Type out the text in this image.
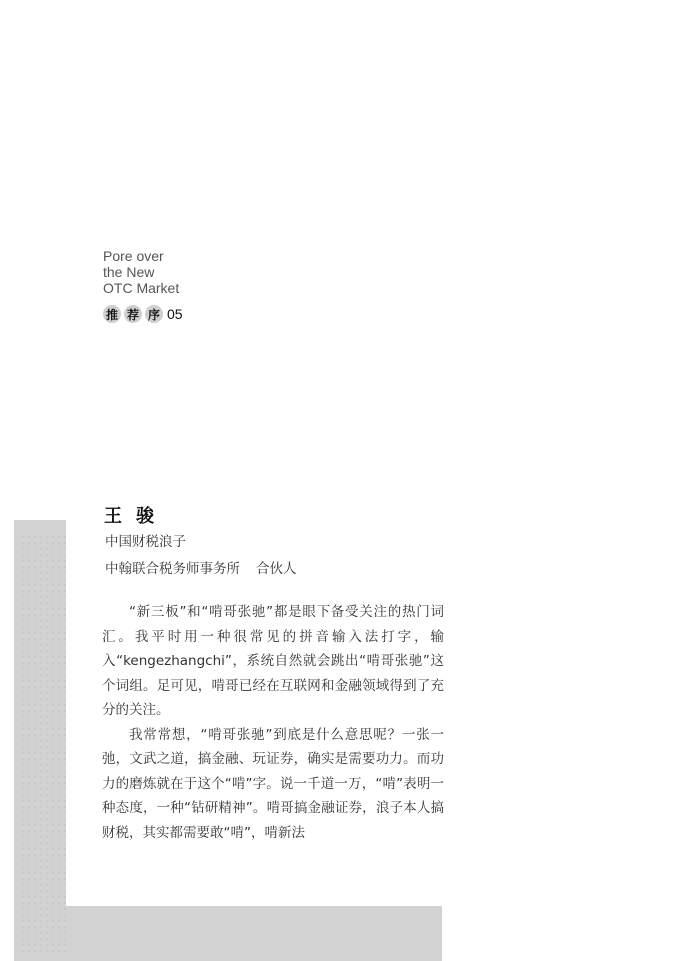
Pore over
the New
OTC Market
推 荐 序 05
王骏
中国财税浪子
中翰联合税务师事务所 合伙人

“新三板”和“啃哥张驰”都是眼下备受关注的热门词汇。我平时用一种很常见的拼音输入法打字，输入“kengezhangchi”，系统自然就会跳出“啃哥张驰”这个词组。足可见，啃哥已经在互联网和金融领域得到了充分的关注。

我常常想，“啃哥张驰”到底是什么意思呢？一张一弛，文武之道，搞金融、玩证券，确实是需要功力。而功力的磨炼就在于这个“啃”字。说一千道一万，“啃”表明一种态度，一种“钻研精神”。啃哥搞金融证券，浪子本人搞财税，其实都需要敢“啃”，啃新法
